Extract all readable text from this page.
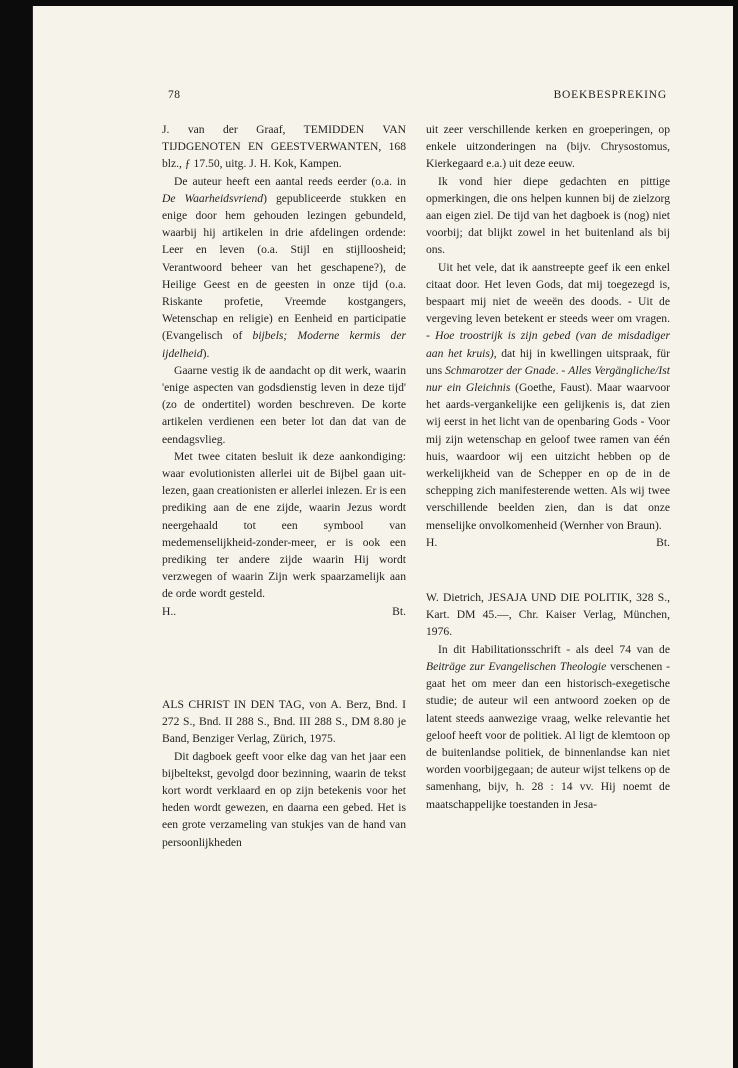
78	BOEKBESPREKING

J. van der Graaf, TEMIDDEN VAN TIJDGENOTEN EN GEESTVERWANTEN, 168 blz., ƒ 17.50, uitg. J. H. Kok, Kampen.

De auteur heeft een aantal reeds eerder (o.a. in De Waarheidsvriend) gepubliceerde stukken en enige door hem gehouden lezingen gebundeld, waarbij hij artikelen in drie afdelingen ordende: Leer en leven (o.a. Stijl en stijlloosheid; Verantwoord beheer van het geschapene?), de Heilige Geest en de geesten in onze tijd (o.a. Riskante profetie, Vreemde kostgangers, Wetenschap en religie) en Eenheid en participatie (Evangelisch of bijbels; Moderne kermis der ijdelheid).

Gaarne vestig ik de aandacht op dit werk, waarin 'enige aspecten van godsdienstig leven in deze tijd' (zo de ondertitel) worden beschreven. De korte artikelen verdienen een beter lot dan dat van de eendagsvlieg.

Met twee citaten besluit ik deze aankondiging: waar evolutionisten allerlei uit de Bijbel gaan uit-lezen, gaan creationisten er allerlei inlezen. Er is een prediking aan de ene zijde, waarin Jezus wordt neergehaald tot een symbool van medemenselijkheid-zonder-meer, er is ook een prediking ter andere zijde waarin Hij wordt verzwegen of waarin Zijn werk spaarzamelijk aan de orde wordt gesteld.

H..	Bt.

ALS CHRIST IN DEN TAG, von A. Berz, Bnd. I 272 S., Bnd. II 288 S., Bnd. III 288 S., DM 8.80 je Band, Benziger Verlag, Zürich, 1975.

Dit dagboek geeft voor elke dag van het jaar een bijbeltekst, gevolgd door bezinning, waarin de tekst kort wordt verklaard en op zijn betekenis voor het heden wordt gewezen, en daarna een gebed. Het is een grote verzameling van stukjes van de hand van persoonlijkheden

uit zeer verschillende kerken en groeperingen, op enkele uitzonderingen na (bijv. Chrysostomus, Kierkegaard e.a.) uit deze eeuw.

Ik vond hier diepe gedachten en pittige opmerkingen, die ons helpen kunnen bij de zielzorg aan eigen ziel. De tijd van het dagboek is (nog) niet voorbij; dat blijkt zowel in het buitenland als bij ons.

Uit het vele, dat ik aanstreepte geef ik een enkel citaat door. Het leven Gods, dat mij toegezegd is, bespaart mij niet de weeën des doods. - Uit de vergeving leven betekent er steeds weer om vragen. - Hoe troostrijk is zijn gebed (van de misdadiger aan het kruis), dat hij in kwellingen uitspraak, für uns Schmarotzer der Gnade. - Alles Vergängliche/Ist nur ein Gleichnis (Goethe, Faust). Maar waarvoor het aards-vergankelijke een gelijkenis is, dat zien wij eerst in het licht van de openbaring Gods - Voor mij zijn wetenschap en geloof twee ramen van één huis, waardoor wij een uitzicht hebben op de werkelijkheid van de Schepper en op de in de schepping zich manifesterende wetten. Als wij twee verschillende beelden zien, dan is dat onze menselijke onvolkomenheid (Wernher von Braun).

H.	Bt.

W. Dietrich, JESAJA UND DIE POLITIK, 328 S., Kart. DM 45.—, Chr. Kaiser Verlag, München, 1976.

In dit Habilitationsschrift - als deel 74 van de Beiträge zur Evangelischen Theologie verschenen - gaat het om meer dan een historisch-exegetische studie; de auteur wil een antwoord zoeken op de latent steeds aanwezige vraag, welke relevantie het geloof heeft voor de politiek. Al ligt de klemtoon op de buitenlandse politiek, de binnenlandse kan niet worden voorbijgegaan; de auteur wijst telkens op de samenhang, bijv, h. 28 : 14 vv. Hij noemt de maatschappelijke toestanden in Jesa-
